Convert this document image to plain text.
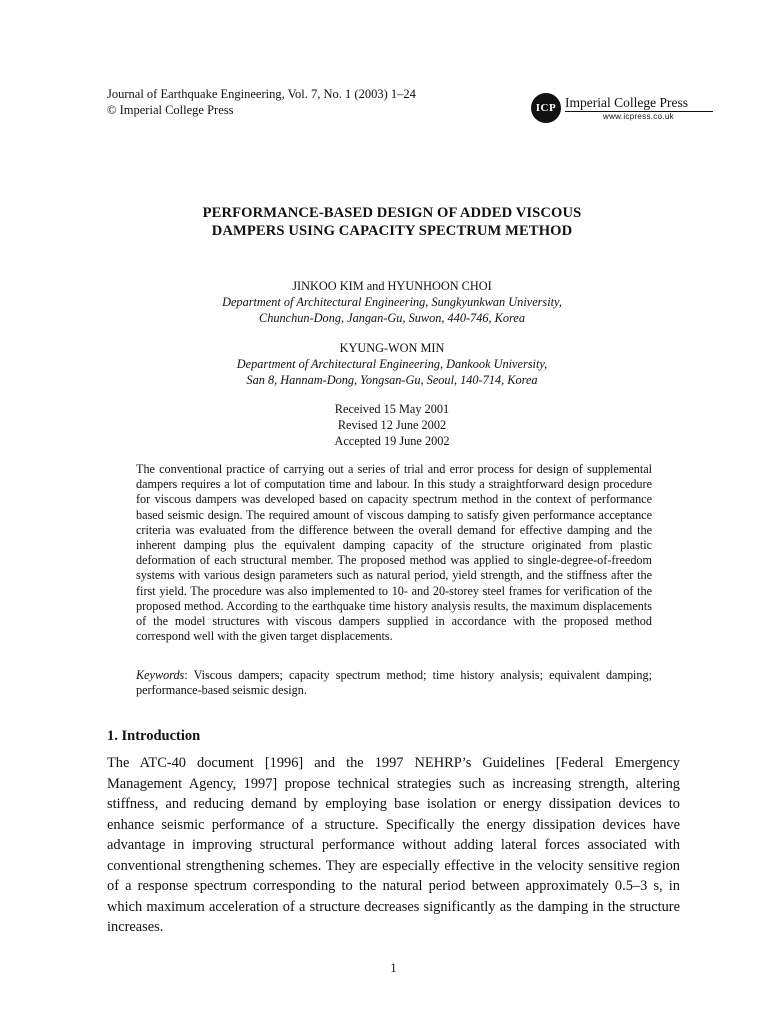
Journal of Earthquake Engineering, Vol. 7, No. 1 (2003) 1–24
© Imperial College Press	ICP Imperial College Press
www.icpress.co.uk
PERFORMANCE-BASED DESIGN OF ADDED VISCOUS
DAMPERS USING CAPACITY SPECTRUM METHOD
JINKOO KIM and HYUNHOON CHOI
Department of Architectural Engineering, Sungkyunkwan University,
Chunchun-Dong, Jangan-Gu, Suwon, 440-746, Korea
KYUNG-WON MIN
Department of Architectural Engineering, Dankook University,
San 8, Hannam-Dong, Yongsan-Gu, Seoul, 140-714, Korea
Received 15 May 2001
Revised 12 June 2002
Accepted 19 June 2002

The conventional practice of carrying out a series of trial and error process for design of supplemental dampers requires a lot of computation time and labour. In this study a straightforward design procedure for viscous dampers was developed based on capacity spectrum method in the context of performance based seismic design. The required amount of viscous damping to satisfy given performance acceptance criteria was evaluated from the difference between the overall demand for effective damping and the inherent damping plus the equivalent damping capacity of the structure originated from plastic deformation of each structural member. The proposed method was applied to single-degree-of-freedom systems with various design parameters such as natural period, yield strength, and the stiffness after the first yield. The procedure was also implemented to 10- and 20-storey steel frames for verification of the proposed method. According to the earthquake time history analysis results, the maximum displacements of the model structures with viscous dampers supplied in accordance with the proposed method correspond well with the given target displacements.

Keywords: Viscous dampers; capacity spectrum method; time history analysis; equivalent damping; performance-based seismic design.
1. Introduction

The ATC-40 document [1996] and the 1997 NEHRP’s Guidelines [Federal Emergency Management Agency, 1997] propose technical strategies such as increasing strength, altering stiffness, and reducing demand by employing base isolation or energy dissipation devices to enhance seismic performance of a structure. Specifically the energy dissipation devices have advantage in improving structural performance without adding lateral forces associated with conventional strengthening schemes. They are especially effective in the velocity sensitive region of a response spectrum corresponding to the natural period between approximately 0.5–3 s, in which maximum acceleration of a structure decreases significantly as the damping in the structure increases.

1
